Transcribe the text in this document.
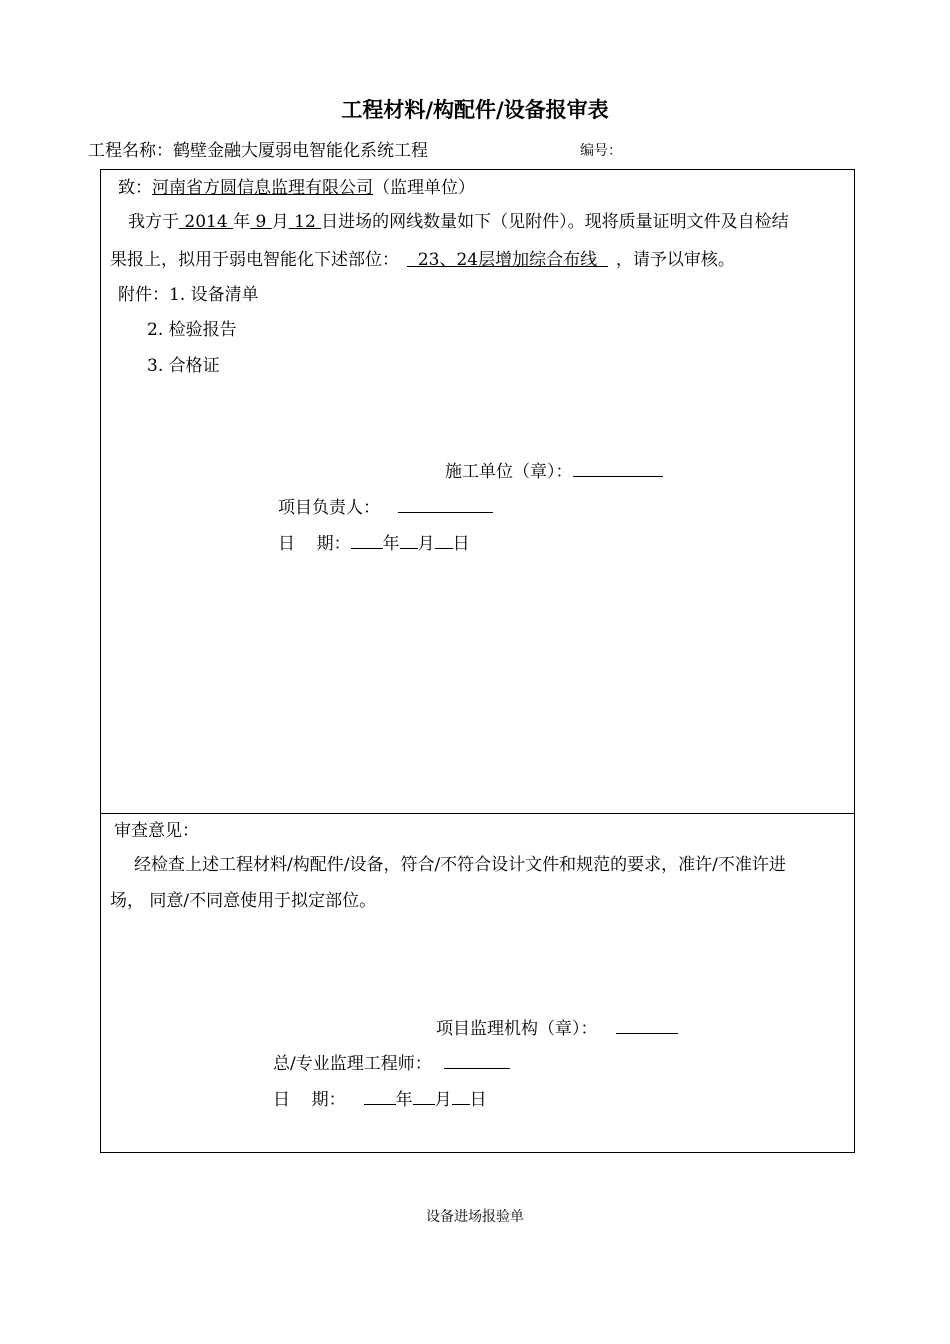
工程材料/构配件/设备报审表
工程名称：鹤壁金融大厦弱电智能化系统工程	编号：
致：河南省方圆信息监理有限公司（监理单位）
我方于 2014 年 9 月 12 日进场的网线数量如下（见附件）。现将质量证明文件及自检结
果报上，拟用于弱电智能化下述部位： 23、24层增加综合布线 ，请予以审核。
附件：1. 设备清单
2. 检验报告
3. 合格证
施工单位（章）：
项目负责人：
日    期： 年 月 日
审查意见：
经检查上述工程材料/构配件/设备，符合/不符合设计文件和规范的要求，准许/不准许进
场， 同意/不同意使用于拟定部位。
项目监理机构（章）：
总/专业监理工程师：
日    期：	年 月 日
设备进场报验单
